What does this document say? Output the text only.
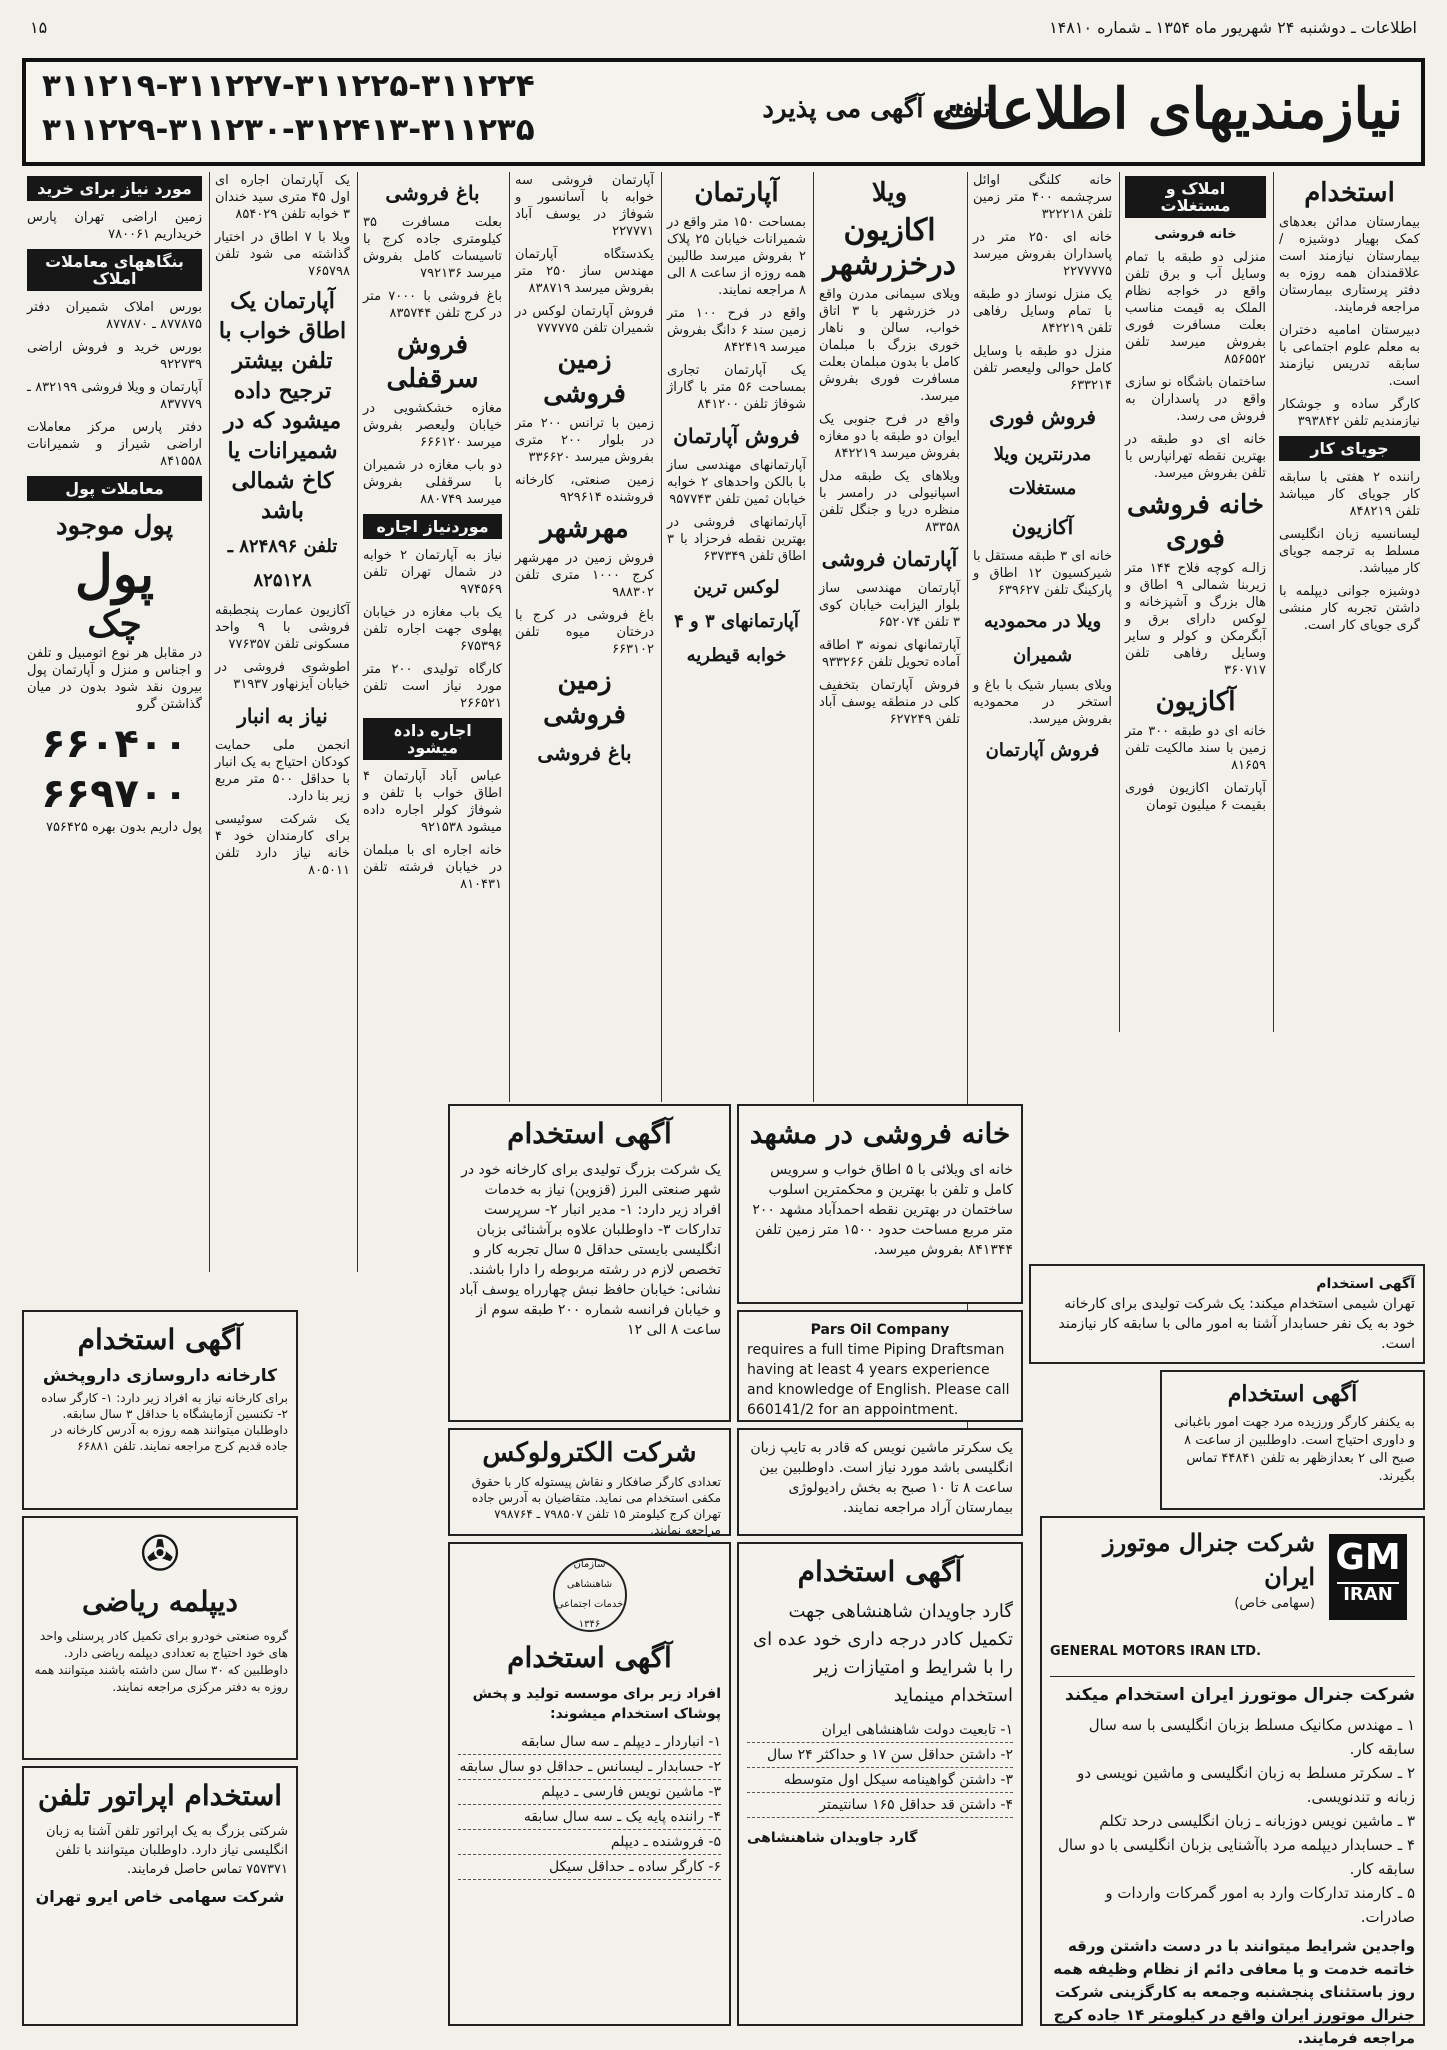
اطلاعات ـ دوشنبه ۲۴ شهریور ماه ۱۳۵۴ ـ شماره ۱۴۸۱۰
۱۵
نیازمندیهای اطلاعات
تلفنی آگهی می پذیرد
۳۱۱۲۱۹-۳۱۱۲۲۷-۳۱۱۲۲۵-۳۱۱۲۲۴
۳۱۱۲۲۹-۳۱۱۲۳۰-۳۱۲۴۱۳-۳۱۱۲۳۵
استخدام
بیمارستان مدائن بعدهای کمک بهیار دوشیزه / بیمارستان نیازمند است علاقمندان همه روزه به دفتر پرستاری بیمارستان مراجعه فرمایند.
دبیرستان امامیه دختران به معلم علوم اجتماعی با سابقه تدریس نیازمند است.
کارگر ساده و جوشکار نیازمندیم تلفن ۳۹۳۸۴۲
جویای کار
راننده ۲ هفتی با سابقه کار جویای کار میباشد تلفن ۸۴۸۲۱۹
لیسانسیه زبان انگلیسی مسلط به ترجمه جویای کار میباشد.
دوشیزه جوانی دیپلمه با داشتن تجربه کار منشی گری جویای کار است.
املاک و مستغلات
خانه فروشی
منزلی دو طبقه با تمام وسایل آب و برق تلفن واقع در خواجه نظام الملک به قیمت مناسب بعلت مسافرت فوری بفروش میرسد تلفن ۸۵۶۵۵۲
ساختمان باشگاه نو سازی واقع در پاسداران به فروش می رسد.
خانه ای دو طبقه در بهترین نقطه تهرانپارس با تلفن بفروش میرسد.
خانه فروشی فوری
زالـه کوچه فلاح ۱۴۴ متر زیربنا شمالی ۹ اطاق و هال بزرگ و آشپزخانه و لوکس دارای برق و آبگرمکن و کولر و سایر وسایل رفاهی تلفن ۳۶۰۷۱۷
آکازیون
خانه ای دو طبقه ۳۰۰ متر زمین با سند مالکیت تلفن ۸۱۶۵۹
آپارتمان اکازیون فوری بقیمت ۶ میلیون تومان
خانه کلنگی اوائل سرچشمه ۴۰۰ متر زمین تلفن ۳۲۲۲۱۸
خانه ای ۲۵۰ متر در پاسداران بفروش میرسد ۲۲۷۷۷۷۵
یک منزل نوساز دو طبقه با تمام وسایل رفاهی تلفن ۸۴۲۲۱۹
منزل دو طبقه با وسایل کامل حوالی ولیعصر تلفن ۶۳۳۲۱۴
فروش فوری
مدرنترین ویلا مستغلات
آکازیون
خانه ای ۳ طبقه مستقل با شیرکسیون ۱۲ اطاق و پارکینگ تلفن ۶۳۹۶۲۷
ویلا در محمودیه شمیران
ویلای بسیار شیک با باغ و استخر در محمودیه بفروش میرسد.
فروش آپارتمان
ویلا
اکازیون درخزرشهر
ویلای سیمانی مدرن واقع در خزرشهر با ۳ اتاق خواب، سالن و ناهار خوری بزرگ با مبلمان کامل با بدون مبلمان بعلت مسافرت فوری بفروش میرسد.
واقع در فرح جنوبی یک ایوان دو طبقه با دو مغازه بفروش میرسد ۸۴۲۲۱۹
ویلاهای یک طبقه مدل اسپانیولی در رامسر با منظره دریا و جنگل تلفن ۸۳۳۵۸
آپارتمان فروشی
آپارتمان مهندسی ساز بلوار الیزابت خیابان کوی ۳ تلفن ۶۵۲۰۷۴
آپارتمانهای نمونه ۳ اطاقه آماده تحویل تلفن ۹۳۳۲۶۶
فروش آپارتمان بتخفیف کلی در منطقه یوسف آباد تلفن ۶۲۷۲۴۹
آپارتمان
بمساحت ۱۵۰ متر واقع در شمیرانات خیابان ۲۵ پلاک ۲ بفروش میرسد طالبین همه روزه از ساعت ۸ الی ۸ مراجعه نمایند.
واقع در فرح ۱۰۰ متر زمین سند ۶ دانگ بفروش میرسد ۸۴۲۴۱۹
یک آپارتمان تجاری بمساحت ۵۶ متر با گاراژ شوفاژ تلفن ۸۴۱۲۰۰
فروش آپارتمان
آپارتمانهای مهندسی ساز با بالکن واحدهای ۲ خوابه خیابان ثمین تلفن ۹۵۷۷۴۳
آپارتمانهای فروشی در بهترین نقطه فرحزاد با ۳ اطاق تلفن ۶۳۷۳۴۹
لوکس ترین آپارتمانهای ۳ و ۴ خوابه قیطریه
آپارتمان فروشی سه خوابه با آسانسور و شوفاژ در یوسف آباد ۲۲۷۷۷۱
یکدستگاه آپارتمان مهندس ساز ۲۵۰ متر بفروش میرسد ۸۳۸۷۱۹
فروش آپارتمان لوکس در شمیران تلفن ۷۷۷۷۷۵
زمین فروشی
زمین با ترانس ۲۰۰ متر در بلوار ۲۰۰ متری بفروش میرسد ۳۳۶۶۲۰
زمین صنعتی، کارخانه فروشنده ۹۲۹۶۱۴
مهرشهر
فروش زمین در مهرشهر کرج ۱۰۰۰ متری تلفن ۹۸۸۳۰۲
باغ فروشی در کرج با درختان میوه تلفن ۶۶۳۱۰۲
زمین فروشی
باغ فروشی
باغ فروشی
بعلت مسافرت ۳۵ کیلومتری جاده کرج با تاسیسات کامل بفروش میرسد ۷۹۲۱۳۶
باغ فروشی با ۷۰۰۰ متر در کرج تلفن ۸۳۵۷۴۴
فروش سرقفلی
مغازه خشکشویی در خیابان ولیعصر بفروش میرسد ۶۶۶۱۲۰
دو باب مغازه در شمیران با سرقفلی بفروش میرسد ۸۸۰۷۴۹
موردنیاز اجاره
نیاز به آپارتمان ۲ خوابه در شمال تهران تلفن ۹۷۴۵۶۹
یک باب مغازه در خیابان پهلوی جهت اجاره تلفن ۶۷۵۳۹۶
کارگاه تولیدی ۲۰۰ متر مورد نیاز است تلفن ۲۶۶۵۲۱
اجاره دادہ میشود
عباس آباد آپارتمان ۴ اطاق خواب با تلفن و شوفاژ کولر اجاره داده میشود ۹۲۱۵۳۸
خانه اجاره ای با مبلمان در خیابان فرشته تلفن ۸۱۰۴۳۱
یک آپارتمان اجاره ای اول ۴۵ متری سید خندان ۳ خوابه تلفن ۸۵۴۰۲۹
ویلا با ۷ اطاق در اختیار گذاشته می شود تلفن ۷۶۵۷۹۸
آپارتمان یک اطاق خواب با تلفن بیشتر ترجیح داده میشود که در شمیرانات یا کاخ شمالی باشد
تلفن ۸۲۴۸۹۶ ـ ۸۲۵۱۲۸
آکازیون عمارت پنجطبقه فروشی با ۹ واحد مسکونی تلفن ۷۷۶۳۵۷
اطوشوی فروشی در خیابان آیزنهاور ۳۱۹۳۷
نیاز به انبار
انجمن ملی حمایت کودکان احتیاج به یک انبار با حداقل ۵۰۰ متر مربع زیر بنا دارد.
یک شرکت سوئیسی برای کارمندان خود ۴ خانه نیاز دارد تلفن ۸۰۵۰۱۱
مورد نیاز برای خرید
زمین اراضی تهران پارس خریداریم ۷۸۰۰۶۱
بنگاههای معاملات املاک
بورس املاک شمیران دفتر ۸۷۷۸۷۵ ـ ۸۷۷۸۷۰
بورس خرید و فروش اراضی ۹۲۲۷۳۹
آپارتمان و ویلا فروشی ۸۳۲۱۹۹ ـ ۸۳۷۷۷۹
دفتر پارس مرکز معاملات اراضی شیراز و شمیرانات ۸۴۱۵۵۸
معاملات پول
پول موجود
پول
چک
در مقابل هر نوع اتومبیل و تلفن و اجناس و منزل و آپارتمان پول بیرون نقد شود بدون در میان گذاشتن گرو
۶۶۰۴۰۰
۶۶۹۷۰۰
پول داریم بدون بهره ۷۵۶۴۲۵
آگهی استخدام
یک شرکت بزرگ تولیدی برای کارخانه خود در شهر صنعتی البرز (قزوین) نیاز به خدمات افراد زیر دارد: ۱- مدیر انبار ۲- سرپرست تدارکات ۳- داوطلبان علاوه برآشنائی بزبان انگلیسی بایستی حداقل ۵ سال تجربه کار و تخصص لازم در رشته مربوطه را دارا باشند. نشانی: خیابان حافظ نبش چهارراه یوسف آباد و خیابان فرانسه شماره ۲۰۰ طبقه سوم از ساعت ۸ الی ۱۲
خانه فروشی در مشهد
خانه ای ویلائی با ۵ اطاق خواب و سرویس کامل و تلفن با بهترین و محکمترین اسلوب ساختمان در بهترین نقطه احمدآباد مشهد ۲۰۰ متر مربع مساحت حدود ۱۵۰۰ متر زمین تلفن ۸۴۱۳۴۴ بفروش میرسد.
Pars Oil Company
requires a full time Piping Draftsman having at least 4 years experience and knowledge of English. Please call 660141/2 for an appointment.
شرکت الکترولوکس
تعدادی کارگر صافکار و نقاش پیستوله کار با حقوق مکفی استخدام می نماید. متقاضیان به آدرس جاده تهران کرج کیلومتر ۱۵ تلفن ۷۹۸۵۰۷ ـ ۷۹۸۷۶۴ مراجعه نمایند.
یک سکرتر ماشین نویس که قادر به تایپ زبان انگلیسی باشد مورد نیاز است. داوطلبین بین ساعت ۸ تا ۱۰ صبح به بخش رادیولوژی بیمارستان آراد مراجعه نمایند.
سازمان شاهنشاهی خدمات اجتماعی ۱۳۴۶
آگهی استخدام
افراد زیر برای موسسه تولید و پخش پوشاک استخدام میشوند:
۱- انباردار ـ دیپلم ـ سه سال سابقه
۲- حسابدار ـ لیسانس ـ حداقل دو سال سابقه
۳- ماشین نویس فارسی ـ دیپلم
۴- راننده پایه یک ـ سه سال سابقه
۵- فروشنده ـ دیپلم
۶- کارگر ساده ـ حداقل سیکل
آگهی استخدام
گارد جاویدان شاهنشاهی جهت تکمیل کادر درجه داری خود عده ای را با شرایط و امتیازات زیر استخدام مینماید
۱- تابعیت دولت شاهنشاهی ایران
۲- داشتن حداقل سن ۱۷ و حداکثر ۲۴ سال
۳- داشتن گواهینامه سیکل اول متوسطه
۴- داشتن قد حداقل ۱۶۵ سانتیمتر
گارد جاویدان شاهنشاهی
آگهی استخدام
تهران شیمی استخدام میکند: یک شرکت تولیدی برای کارخانه خود به یک نفر حسابدار آشنا به امور مالی با سابقه کار نیازمند است.
آگهی استخدام
به یکنفر کارگر ورزیده مرد جهت امور باغبانی و داوری احتیاج است. داوطلبین از ساعت ۸ صبح الی ۲ بعدازظهر به تلفن ۴۴۸۴۱ تماس بگیرند.
آگهی استخدام
کارخانه داروسازی داروپخش
برای کارخانه نیاز به افراد زیر دارد: ۱- کارگر ساده ۲- تکنسین آزمایشگاه با حداقل ۳ سال سابقه. داوطلبان میتوانند همه روزه به آدرس کارخانه در جاده قدیم کرج مراجعه نمایند. تلفن ۶۶۸۸۱
✇
دیپلمه ریاضی
گروه صنعتی خودرو برای تکمیل کادر پرسنلی واحد های خود احتیاج به تعدادی دیپلمه ریاضی دارد. داوطلبین که ۳۰ سال سن داشته باشند میتوانند همه روزه به دفتر مرکزی مراجعه نمایند.
استخدام اپراتور تلفن
شرکتی بزرگ به یک اپراتور تلفن آشنا به زبان انگلیسی نیاز دارد. داوطلبان میتوانند با تلفن ۷۵۷۳۷۱ تماس حاصل فرمایند.
شرکت سهامی خاص ایرو تهران
GM
IRAN
شرکت جنرال موتورز ایران
(سهامی خاص)
GENERAL MOTORS IRAN LTD.
شرکت جنرال موتورز ایران استخدام میکند
۱ ـ مهندس مکانیک مسلط بزبان انگلیسی با سه سال سابقه کار.
۲ ـ سکرتر مسلط به زبان انگلیسی و ماشین نویسی دو زبانه و تندنویسی.
۳ ـ ماشین نویس دوزبانه ـ زبان انگلیسی درحد تکلم
۴ ـ حسابدار دیپلمه مرد باآشنایی بزبان انگلیسی با دو سال سابقه کار.
۵ ـ کارمند تدارکات وارد به امور گمرکات واردات و صادرات.
واجدین شرایط میتوانند با در دست داشتن ورقه خاتمه خدمت و یا معافی دائم از نظام وظیفه همه روز باستثنای پنجشنبه وجمعه به کارگزینی شرکت جنرال موتورز ایران واقع در کیلومتر ۱۴ جاده کرج مراجعه فرمایند.
